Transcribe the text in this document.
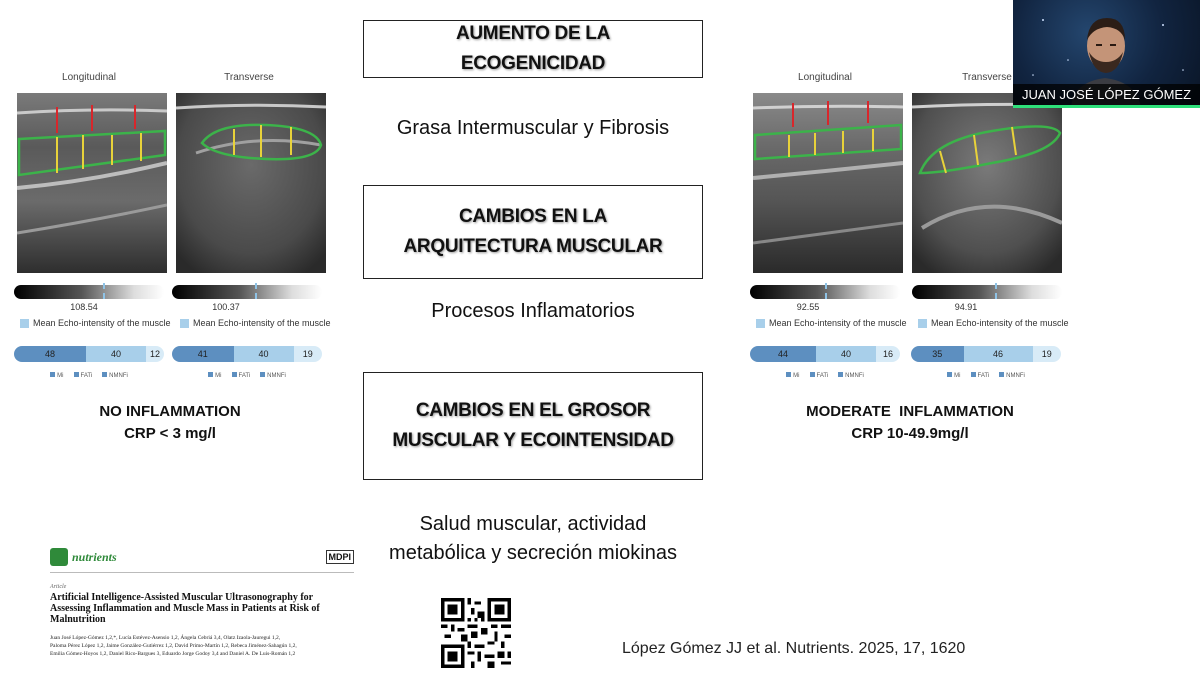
Longitudinal	Transverse
108.54	100.37
Mean Echo-intensity of the muscle Mean Echo-intensity of the muscle
48	40	12	41	40	19
Mi	FATi	NMNFi	Mi	FATi	NMNFi
NO INFLAMMATION
CRP < 3 mg/l
AUMENTO DE LA
ECOGENICIDAD
Grasa Intermuscular y Fibrosis
CAMBIOS EN LA
ARQUITECTURA MUSCULAR
Procesos Inflamatorios
CAMBIOS EN EL GROSOR
MUSCULAR Y ECOINTENSIDAD
Salud muscular, actividad
metabólica y secreción miokinas
Longitudinal	Transverse
92.55	94.91
Mean Echo-intensity of the muscle	Mean Echo-intensity of the muscle
44	40	16	35	46	19
Mi	FATi	NMNFi	Mi	FATi	NMNFi
MODERATE  INFLAMMATION
CRP 10-49.9mg/l
nutrients	MDPI
Article
Artificial Intelligence-Assisted Muscular Ultrasonography for Assessing Inflammation and Muscle Mass in Patients at Risk of Malnutrition
Juan José López-Gómez 1,2,*, Lucía Estévez-Asensio 1,2, Ángela Cebriá 3,4, Olatz Izaola-Jauregui 1,2,
Paloma Pérez López 1,2, Jaime González-Gutiérrez 1,2, David Primo-Martín 1,2, Rebeca Jiménez-Sahagún 1,2,
Emilia Gómez-Hoyos 1,2, Daniel Rico-Bargues 3, Eduardo Jorge Godoy 3,4 and Daniel A. De Luis-Román 1,2	López Gómez JJ et al. Nutrients. 2025, 17, 1620
JUAN JOSÉ LÓPEZ GÓMEZ
